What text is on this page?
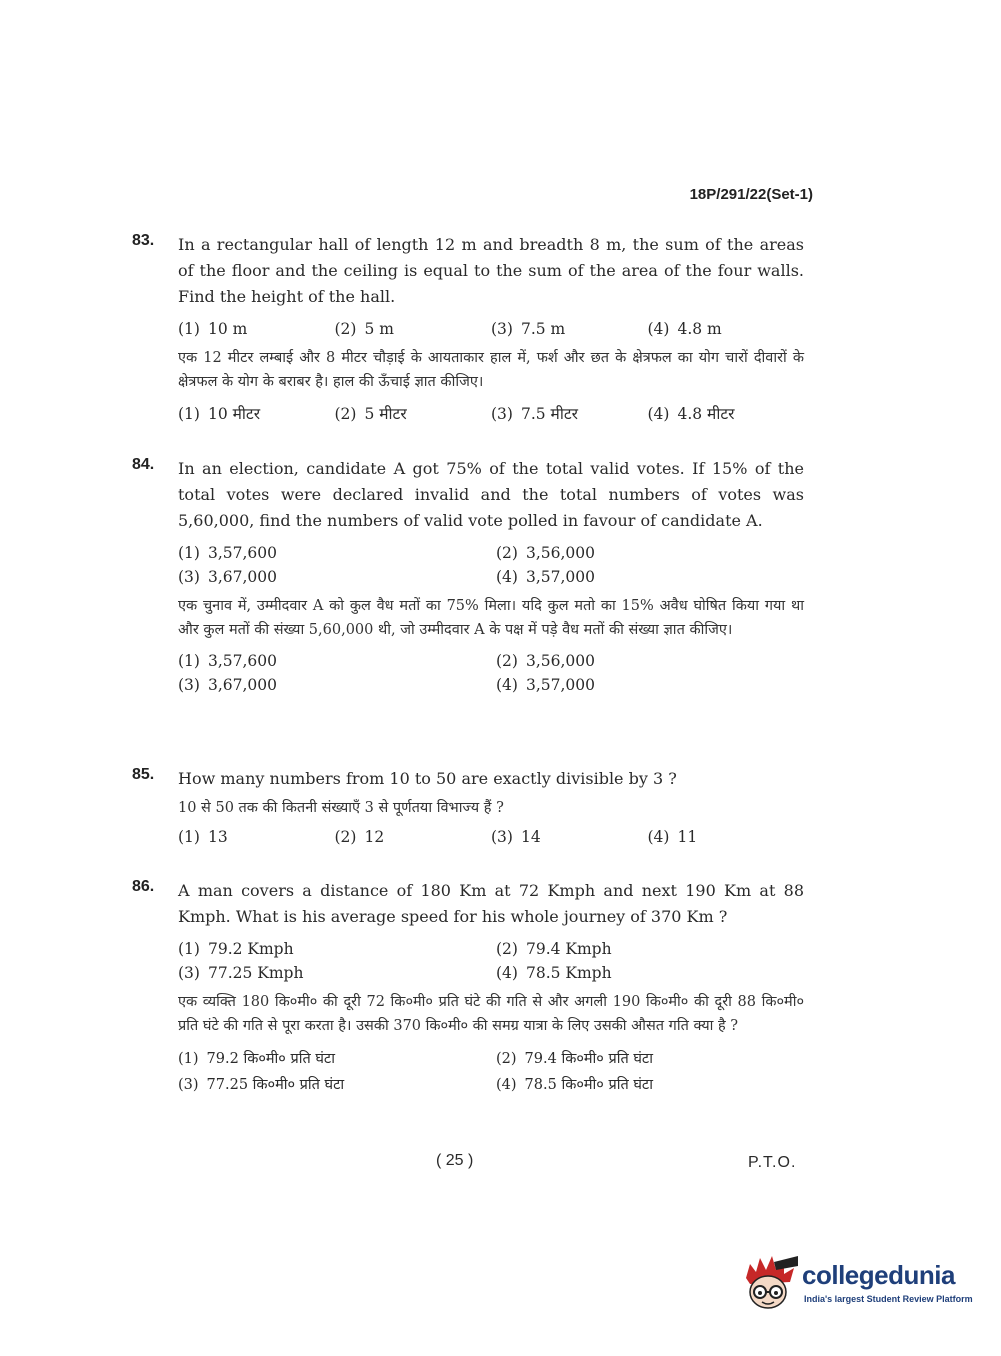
18P/291/22(Set-1)
83. In a rectangular hall of length 12 m and breadth 8 m, the sum of the areas of the floor and the ceiling is equal to the sum of the area of the four walls. Find the height of the hall.
(1) 10 m	(2) 5 m	(3) 7.5 m	(4) 4.8 m
एक 12 मीटर लम्बाई और 8 मीटर चौड़ाई के आयताकार हाल में, फर्श और छत के क्षेत्रफल का योग चारों दीवारों के क्षेत्रफल के योग के बराबर है। हाल की ऊँचाई ज्ञात कीजिए।
(1) 10 मीटर	(2) 5 मीटर	(3) 7.5 मीटर	(4) 4.8 मीटर
84. In an election, candidate A got 75% of the total valid votes. If 15% of the total votes were declared invalid and the total numbers of votes was 5,60,000, find the numbers of valid vote polled in favour of candidate A.
(1) 3,57,600	(2) 3,56,000
(3) 3,67,000	(4) 3,57,000
एक चुनाव में, उम्मीदवार A को कुल वैध मतों का 75% मिला। यदि कुल मतो का 15% अवैध घोषित किया गया था और कुल मतों की संख्या 5,60,000 थी, जो उम्मीदवार A के पक्ष में पड़े वैध मतों की संख्या ज्ञात कीजिए।
(1) 3,57,600	(2) 3,56,000
(3) 3,67,000	(4) 3,57,000
85. How many numbers from 10 to 50 are exactly divisible by 3 ?
10 से 50 तक की कितनी संख्याएँ 3 से पूर्णतया विभाज्य हैं ?
(1) 13	(2) 12	(3) 14	(4) 11
86. A man covers a distance of 180 Km at 72 Kmph and next 190 Km at 88 Kmph. What is his average speed for his whole journey of 370 Km ?
(1) 79.2 Kmph	(2) 79.4 Kmph
(3) 77.25 Kmph	(4) 78.5 Kmph
एक व्यक्ति 180 कि०मी० की दूरी 72 कि०मी० प्रति घंटे की गति से और अगली 190 कि०मी० की दूरी 88 कि०मी० प्रति घंटे की गति से पूरा करता है। उसकी 370 कि०मी० की समग्र यात्रा के लिए उसकी औसत गति क्या है ?
(1) 79.2 कि०मी० प्रति घंटा	(2) 79.4 कि०मी० प्रति घंटा
(3) 77.25 कि०मी० प्रति घंटा	(4) 78.5 कि०मी० प्रति घंटा
( 25 )	P.T.O.
collegedunia
India's largest Student Review Platform
